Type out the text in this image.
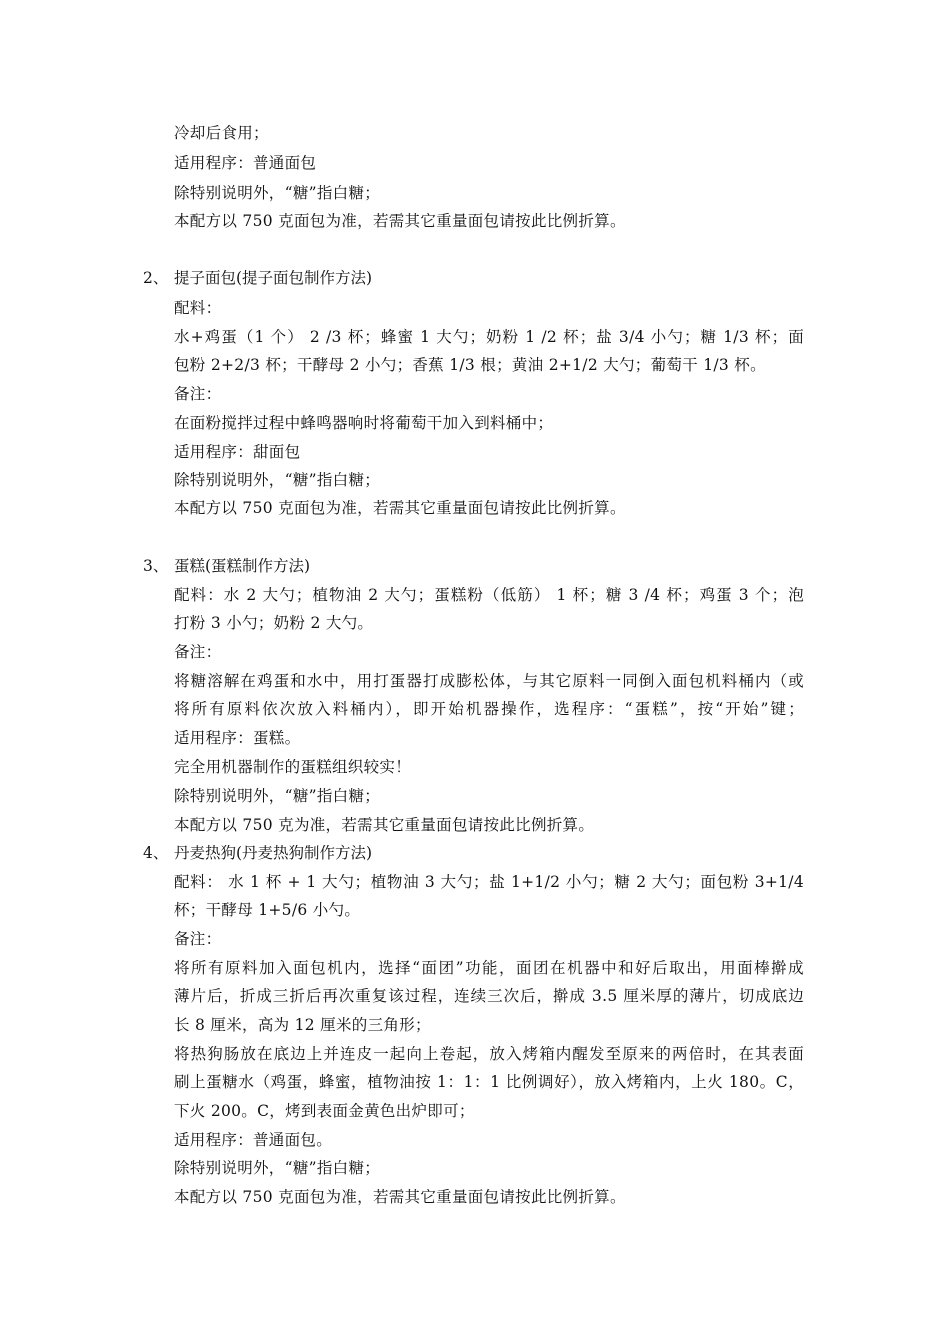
冷却后食用；
适用程序：普通面包
除特别说明外，“糖”指白糖；
本配方以 750 克面包为准，若需其它重量面包请按此比例折算。
2、 提子面包(提子面包制作方法)
配料：
水+鸡蛋（1 个） 2 /3 杯；蜂蜜 1 大勺；奶粉 1 /2 杯；盐 3/4 小勺；糖 1/3 杯；面
包粉 2+2/3 杯；干酵母 2 小勺；香蕉 1/3 根；黄油 2+1/2 大勺；葡萄干 1/3 杯。
备注：
在面粉搅拌过程中蜂鸣器响时将葡萄干加入到料桶中；
适用程序：甜面包
除特别说明外，“糖”指白糖；
本配方以 750 克面包为准，若需其它重量面包请按此比例折算。
3、 蛋糕(蛋糕制作方法)
配料：水 2 大勺；植物油 2 大勺；蛋糕粉（低筋） 1 杯；糖 3 /4 杯；鸡蛋 3 个；泡
打粉 3 小勺；奶粉 2 大勺。
备注：
将糖溶解在鸡蛋和水中，用打蛋器打成膨松体，与其它原料一同倒入面包机料桶内（或
将所有原料依次放入料桶内），即开始机器操作，选程序：“蛋糕”，按“开始”键；
适用程序：蛋糕。
完全用机器制作的蛋糕组织较实！
除特别说明外，“糖”指白糖；
本配方以 750 克为准，若需其它重量面包请按此比例折算。
4、 丹麦热狗(丹麦热狗制作方法)
配料： 水 1 杯 + 1 大勺；植物油 3 大勺；盐 1+1/2 小勺；糖 2 大勺；面包粉 3+1/4
杯；干酵母 1+5/6 小勺。
备注：
将所有原料加入面包机内，选择“面团”功能，面团在机器中和好后取出，用面棒擀成
薄片后，折成三折后再次重复该过程，连续三次后，擀成 3.5 厘米厚的薄片，切成底边
长 8 厘米，高为 12 厘米的三角形；
将热狗肠放在底边上并连皮一起向上卷起，放入烤箱内醒发至原来的两倍时，在其表面
刷上蛋糖水（鸡蛋，蜂蜜，植物油按 1：1：1 比例调好），放入烤箱内，上火 180。C，
下火 200。C，烤到表面金黄色出炉即可；
适用程序：普通面包。
除特别说明外，“糖”指白糖；
本配方以 750 克面包为准，若需其它重量面包请按此比例折算。
